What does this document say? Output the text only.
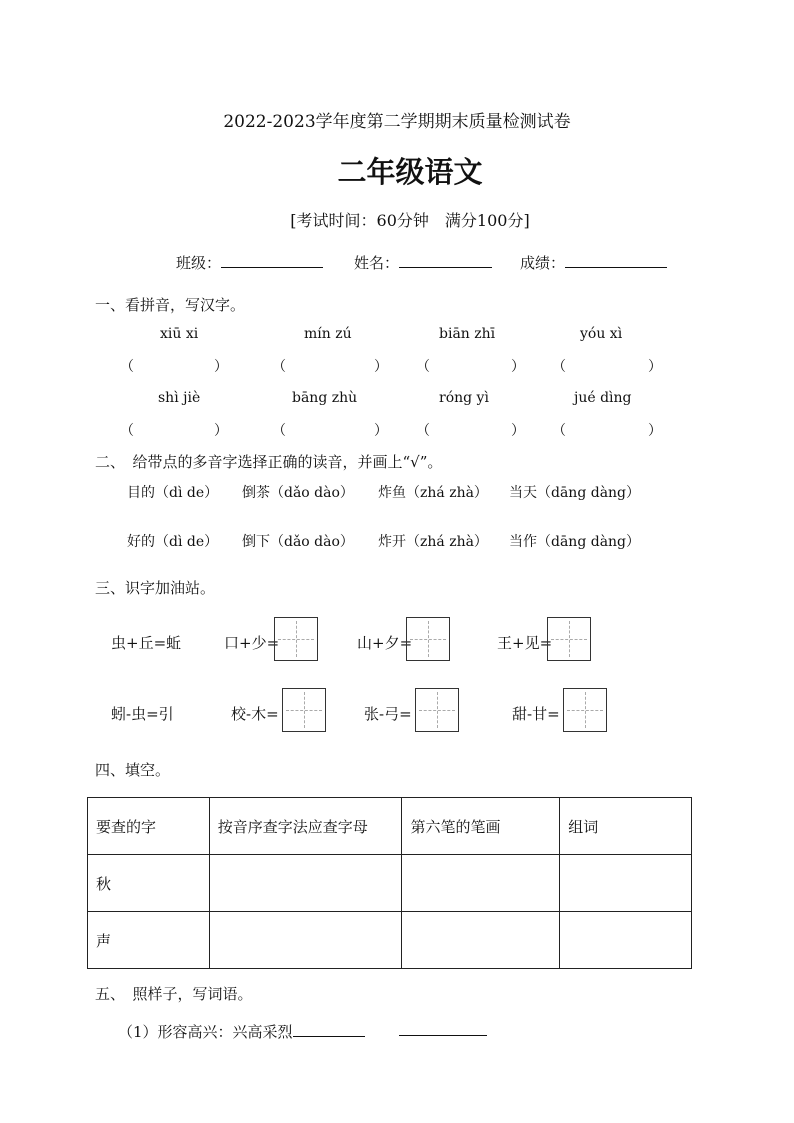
2022-2023学年度第二学期期末质量检测试卷
二年级语文
[考试时间：60分钟　满分100分]
班级：	姓名：	成绩：
一、看拼音，写汉字。
xiū xi	mín zú	biān zhī	yóu xì
（	）	（	） （	） （	）
shì jiè	bāng zhù	róng yì	jué dìng
（	）	（	） （	） （	）
二、　给带点的多音字选择正确的读音，并画上“√”。
目的（dì de） 倒茶（dǎo dào） 炸鱼（zhá zhà） 当天（dāng dàng）
好的（dì de） 倒下（dǎo dào） 炸开（zhá zhà） 当作（dāng dàng）
三、识字加油站。
虫+丘=蚯	口+少=	山+夕=	王+见=
蚓-虫=引	校-木=	张-弓=	甜-甘=
四、填空。
要查的字	按音序查字法应查字母	第六笔的笔画	组词
秋			
声			
五、　照样子，写词语。
（1）形容高兴：兴高采烈
